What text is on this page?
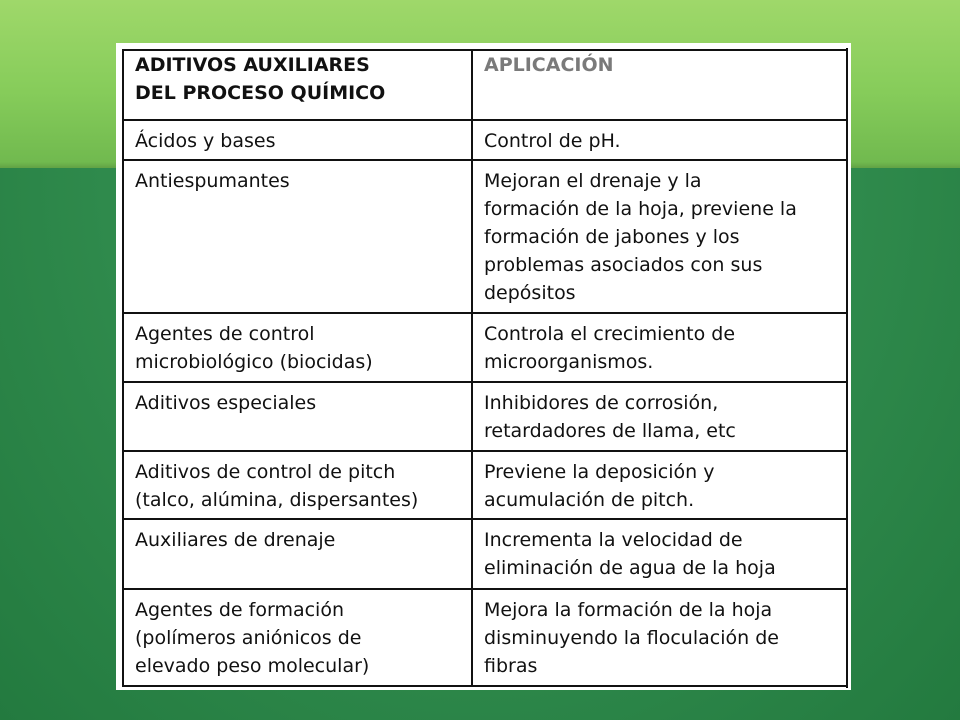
ADITIVOS AUXILIARES
DEL PROCESO QUÍMICO	APLICACIÓN

Ácidos y bases	Control de pH.

Antiespumantes	Mejoran el drenaje y la
formación de la hoja, previene la
formación de jabones y los
problemas asociados con sus
depósitos

Agentes de control
microbiológico (biocidas)	Controla el crecimiento de
microorganismos.

Aditivos especiales	Inhibidores de corrosión,
retardadores de llama, etc

Aditivos de control de pitch
(talco, alúmina, dispersantes)	Previene la deposición y
acumulación de pitch.

Auxiliares de drenaje	Incrementa la velocidad de
eliminación de agua de la hoja

Agentes de formación
(polímeros aniónicos de
elevado peso molecular)	Mejora la formación de la hoja
disminuyendo la floculación de
fibras
